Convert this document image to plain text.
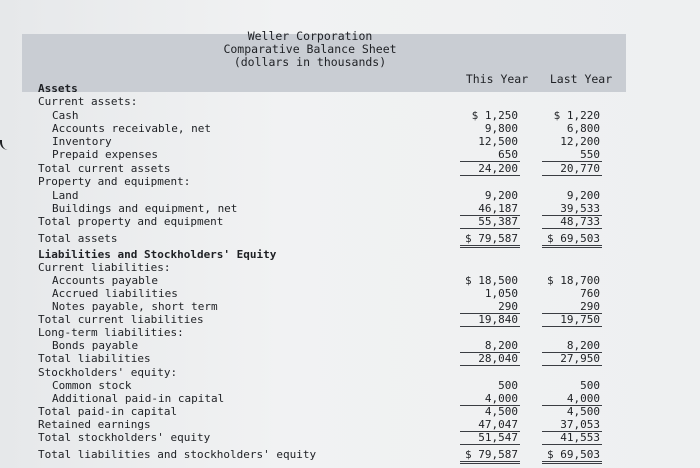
Weller Corporation
Comparative Balance Sheet
(dollars in thousands)
This Year	Last Year
Assets
Current assets:
Cash	$ 1,250	$ 1,220
Accounts receivable, net	9,800	6,800
Inventory	12,500	12,200
Prepaid expenses	650	550
Total current assets	24,200	20,770
Property and equipment:
Land	9,200	9,200
Buildings and equipment, net	46,187	39,533
Total property and equipment	55,387	48,733
Total assets	$ 79,587	$ 69,503
Liabilities and Stockholders' Equity
Current liabilities:
Accounts payable	$ 18,500	$ 18,700
Accrued liabilities	1,050	760
Notes payable, short term	290	290
Total current liabilities	19,840	19,750
Long-term liabilities:
Bonds payable	8,200	8,200
Total liabilities	28,040	27,950
Stockholders' equity:
Common stock	500	500
Additional paid-in capital	4,000	4,000
Total paid-in capital	4,500	4,500
Retained earnings	47,047	37,053
Total stockholders' equity	51,547	41,553
Total liabilities and stockholders' equity	$ 79,587	$ 69,503
